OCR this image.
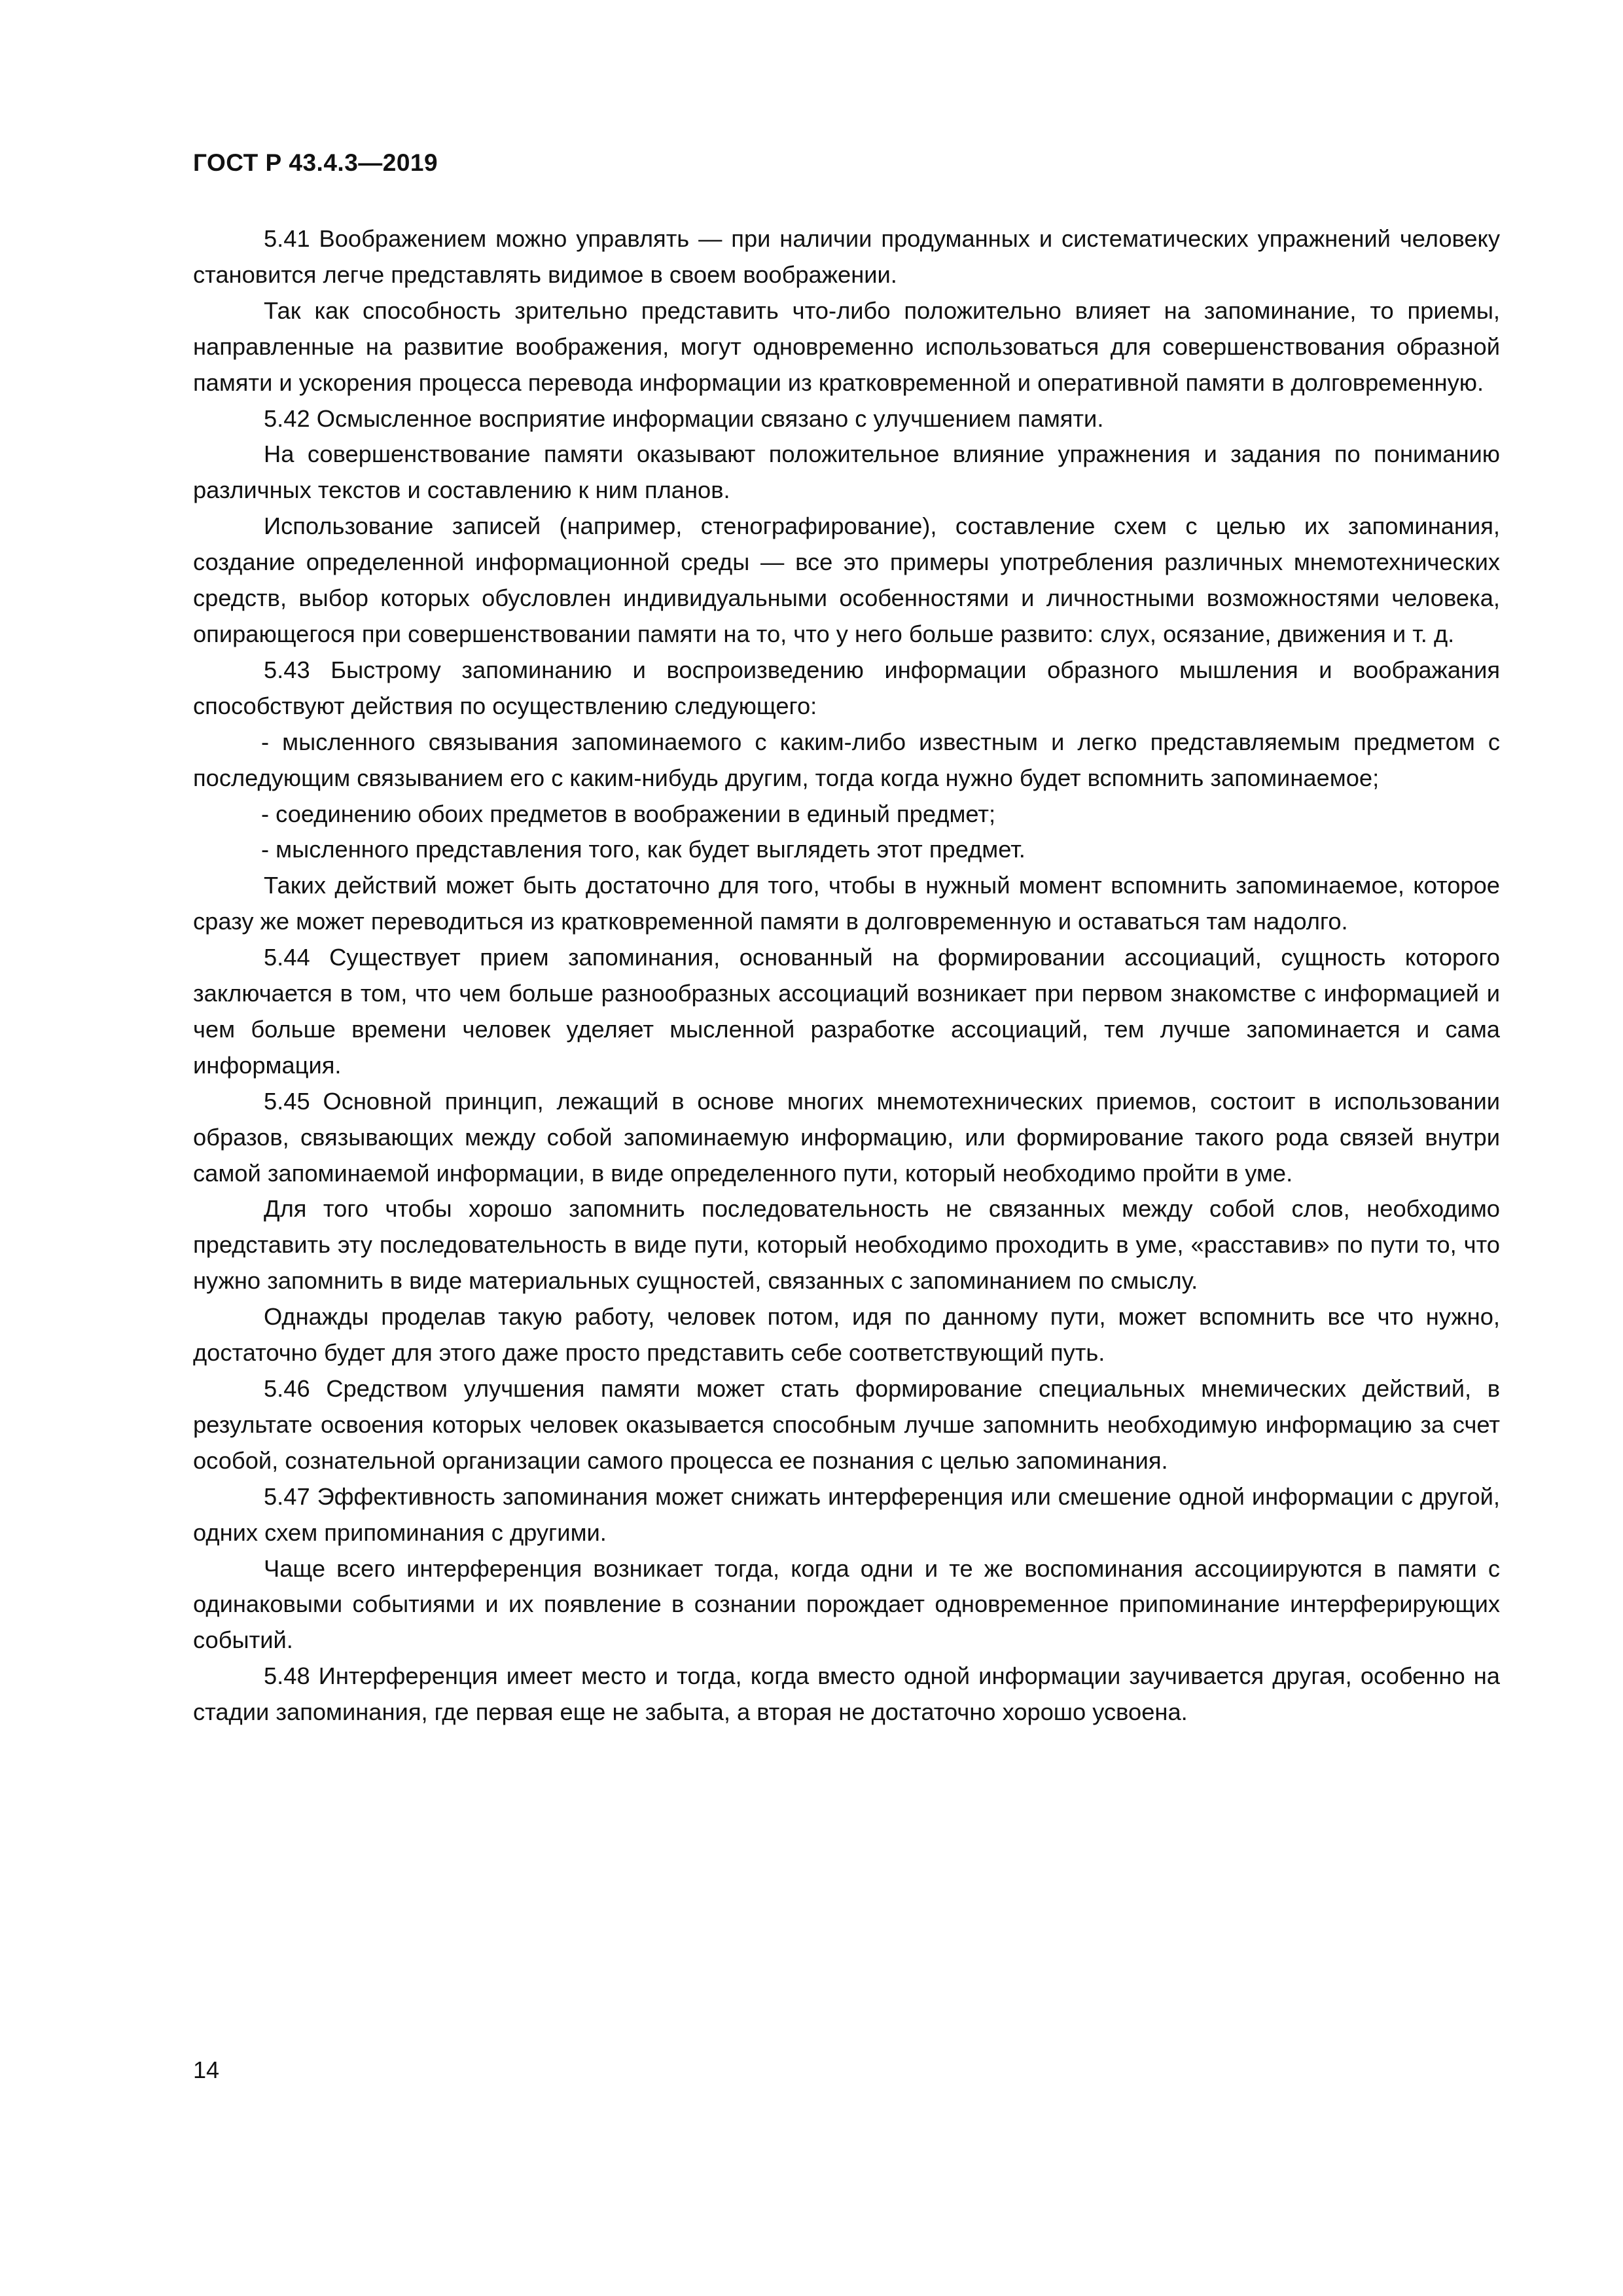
ГОСТ Р 43.4.3—2019

5.41 Воображением можно управлять — при наличии продуманных и систематических упражнений человеку становится легче представлять видимое в своем воображении.

Так как способность зрительно представить что-либо положительно влияет на запоминание, то приемы, направленные на развитие воображения, могут одновременно использоваться для совершенствования образной памяти и ускорения процесса перевода информации из кратковременной и оперативной памяти в долговременную.

5.42 Осмысленное восприятие информации связано с улучшением памяти.

На совершенствование памяти оказывают положительное влияние упражнения и задания по пониманию различных текстов и составлению к ним планов.

Использование записей (например, стенографирование), составление схем с целью их запоминания, создание определенной информационной среды — все это примеры употребления различных мнемотехнических средств, выбор которых обусловлен индивидуальными особенностями и личностными возможностями человека, опирающегося при совершенствовании памяти на то, что у него больше развито: слух, осязание, движения и т. д.

5.43 Быстрому запоминанию и воспроизведению информации образного мышления и воображания способствуют действия по осуществлению следующего:

- мысленного связывания запоминаемого с каким-либо известным и легко представляемым предметом с последующим связыванием его с каким-нибудь другим, тогда когда нужно будет вспомнить запоминаемое;

- соединению обоих предметов в воображении в единый предмет;

- мысленного представления того, как будет выглядеть этот предмет.

Таких действий может быть достаточно для того, чтобы в нужный момент вспомнить запоминаемое, которое сразу же может переводиться из кратковременной памяти в долговременную и оставаться там надолго.

5.44 Существует прием запоминания, основанный на формировании ассоциаций, сущность которого заключается в том, что чем больше разнообразных ассоциаций возникает при первом знакомстве с информацией и чем больше времени человек уделяет мысленной разработке ассоциаций, тем лучше запоминается и сама информация.

5.45 Основной принцип, лежащий в основе многих мнемотехнических приемов, состоит в использовании образов, связывающих между собой запоминаемую информацию, или формирование такого рода связей внутри самой запоминаемой информации, в виде определенного пути, который необходимо пройти в уме.

Для того чтобы хорошо запомнить последовательность не связанных между собой слов, необходимо представить эту последовательность в виде пути, который необходимо проходить в уме, «расставив» по пути то, что нужно запомнить в виде материальных сущностей, связанных с запоминанием по смыслу.

Однажды проделав такую работу, человек потом, идя по данному пути, может вспомнить все что нужно, достаточно будет для этого даже просто представить себе соответствующий путь.

5.46 Средством улучшения памяти может стать формирование специальных мнемических действий, в результате освоения которых человек оказывается способным лучше запомнить необходимую информацию за счет особой, сознательной организации самого процесса ее познания с целью запоминания.

5.47 Эффективность запоминания может снижать интерференция или смешение одной информации с другой, одних схем припоминания с другими.

Чаще всего интерференция возникает тогда, когда одни и те же воспоминания ассоциируются в памяти с одинаковыми событиями и их появление в сознании порождает одновременное припоминание интерферирующих событий.

5.48 Интерференция имеет место и тогда, когда вместо одной информации заучивается другая, особенно на стадии запоминания, где первая еще не забыта, а вторая не достаточно хорошо усвоена.

14
